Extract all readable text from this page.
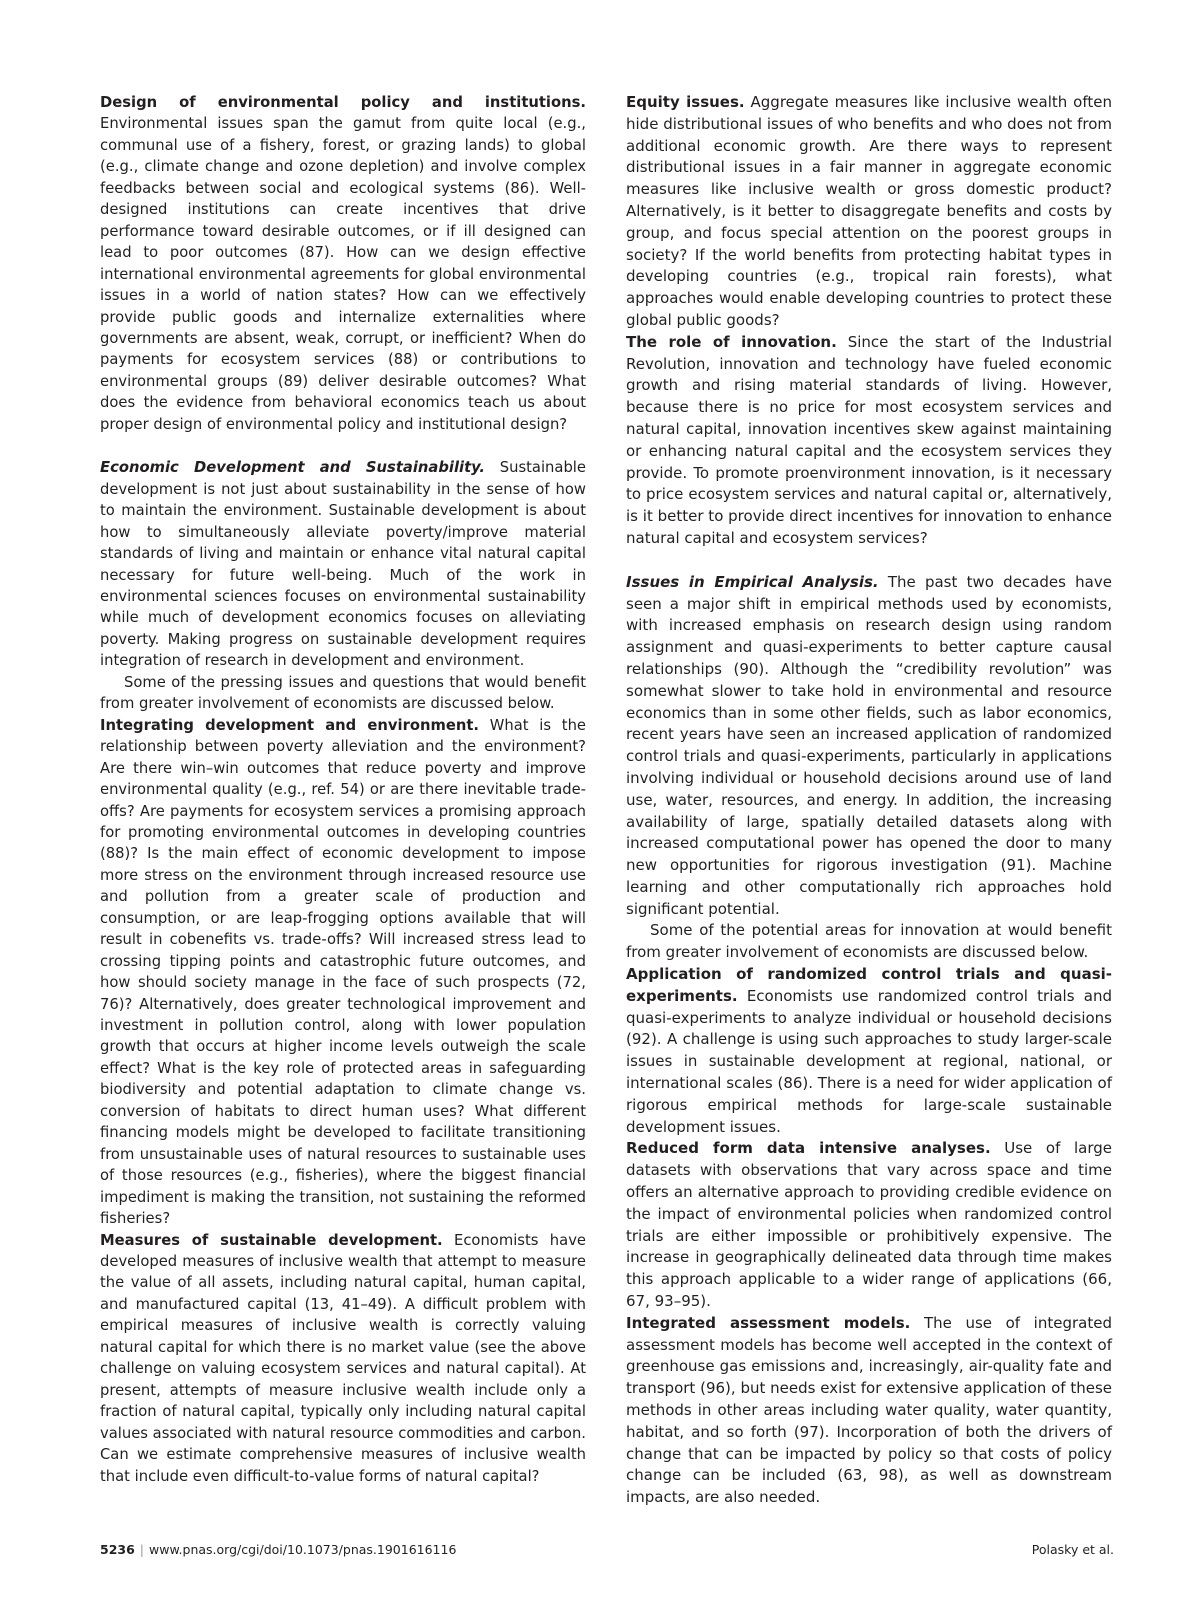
Design of environmental policy and institutions. Environmental issues span the gamut from quite local (e.g., communal use of a fishery, forest, or grazing lands) to global (e.g., climate change and ozone depletion) and involve complex feedbacks between social and ecological systems (86). Well-designed institutions can create incentives that drive performance toward desirable outcomes, or if ill designed can lead to poor outcomes (87). How can we design effective international environmental agreements for global environmental issues in a world of nation states? How can we effectively provide public goods and internalize externalities where governments are absent, weak, corrupt, or inefficient? When do payments for ecosystem services (88) or contributions to environmental groups (89) deliver desirable outcomes? What does the evidence from behavioral economics teach us about proper design of environmental policy and institutional design?

Economic Development and Sustainability. Sustainable development is not just about sustainability in the sense of how to maintain the environment. Sustainable development is about how to simultaneously alleviate poverty/improve material standards of living and maintain or enhance vital natural capital necessary for future well-being. Much of the work in environmental sciences focuses on environmental sustainability while much of development economics focuses on alleviating poverty. Making progress on sustainable development requires integration of research in development and environment.

Some of the pressing issues and questions that would benefit from greater involvement of economists are discussed below.

Integrating development and environment. What is the relationship between poverty alleviation and the environment? Are there win–win outcomes that reduce poverty and improve environmental quality (e.g., ref. 54) or are there inevitable trade-offs? Are payments for ecosystem services a promising approach for promoting environmental outcomes in developing countries (88)? Is the main effect of economic development to impose more stress on the environment through increased resource use and pollution from a greater scale of production and consumption, or are leap-frogging options available that will result in cobenefits vs. trade-offs? Will increased stress lead to crossing tipping points and catastrophic future outcomes, and how should society manage in the face of such prospects (72, 76)? Alternatively, does greater technological improvement and investment in pollution control, along with lower population growth that occurs at higher income levels outweigh the scale effect? What is the key role of protected areas in safeguarding biodiversity and potential adaptation to climate change vs. conversion of habitats to direct human uses? What different financing models might be developed to facilitate transitioning from unsustainable uses of natural resources to sustainable uses of those resources (e.g., fisheries), where the biggest financial impediment is making the transition, not sustaining the reformed fisheries?

Measures of sustainable development. Economists have developed measures of inclusive wealth that attempt to measure the value of all assets, including natural capital, human capital, and manufactured capital (13, 41–49). A difficult problem with empirical measures of inclusive wealth is correctly valuing natural capital for which there is no market value (see the above challenge on valuing ecosystem services and natural capital). At present, attempts of measure inclusive wealth include only a fraction of natural capital, typically only including natural capital values associated with natural resource commodities and carbon. Can we estimate comprehensive measures of inclusive wealth that include even difficult-to-value forms of natural capital?

Equity issues. Aggregate measures like inclusive wealth often hide distributional issues of who benefits and who does not from additional economic growth. Are there ways to represent distributional issues in a fair manner in aggregate economic measures like inclusive wealth or gross domestic product? Alternatively, is it better to disaggregate benefits and costs by group, and focus special attention on the poorest groups in society? If the world benefits from protecting habitat types in developing countries (e.g., tropical rain forests), what approaches would enable developing countries to protect these global public goods?

The role of innovation. Since the start of the Industrial Revolution, innovation and technology have fueled economic growth and rising material standards of living. However, because there is no price for most ecosystem services and natural capital, innovation incentives skew against maintaining or enhancing natural capital and the ecosystem services they provide. To promote proenvironment innovation, is it necessary to price ecosystem services and natural capital or, alternatively, is it better to provide direct incentives for innovation to enhance natural capital and ecosystem services?

Issues in Empirical Analysis. The past two decades have seen a major shift in empirical methods used by economists, with increased emphasis on research design using random assignment and quasi-experiments to better capture causal relationships (90). Although the “credibility revolution” was somewhat slower to take hold in environmental and resource economics than in some other fields, such as labor economics, recent years have seen an increased application of randomized control trials and quasi-experiments, particularly in applications involving individual or household decisions around use of land use, water, resources, and energy. In addition, the increasing availability of large, spatially detailed datasets along with increased computational power has opened the door to many new opportunities for rigorous investigation (91). Machine learning and other computationally rich approaches hold significant potential.

Some of the potential areas for innovation at would benefit from greater involvement of economists are discussed below.

Application of randomized control trials and quasi-experiments. Economists use randomized control trials and quasi-experiments to analyze individual or household decisions (92). A challenge is using such approaches to study larger-scale issues in sustainable development at regional, national, or international scales (86). There is a need for wider application of rigorous empirical methods for large-scale sustainable development issues.

Reduced form data intensive analyses. Use of large datasets with observations that vary across space and time offers an alternative approach to providing credible evidence on the impact of environmental policies when randomized control trials are either impossible or prohibitively expensive. The increase in geographically delineated data through time makes this approach applicable to a wider range of applications (66, 67, 93–95).

Integrated assessment models. The use of integrated assessment models has become well accepted in the context of greenhouse gas emissions and, increasingly, air-quality fate and transport (96), but needs exist for extensive application of these methods in other areas including water quality, water quantity, habitat, and so forth (97). Incorporation of both the drivers of change that can be impacted by policy so that costs of policy change can be included (63, 98), as well as downstream impacts, are also needed.

5236 | www.pnas.org/cgi/doi/10.1073/pnas.1901616116	Polasky et al.
